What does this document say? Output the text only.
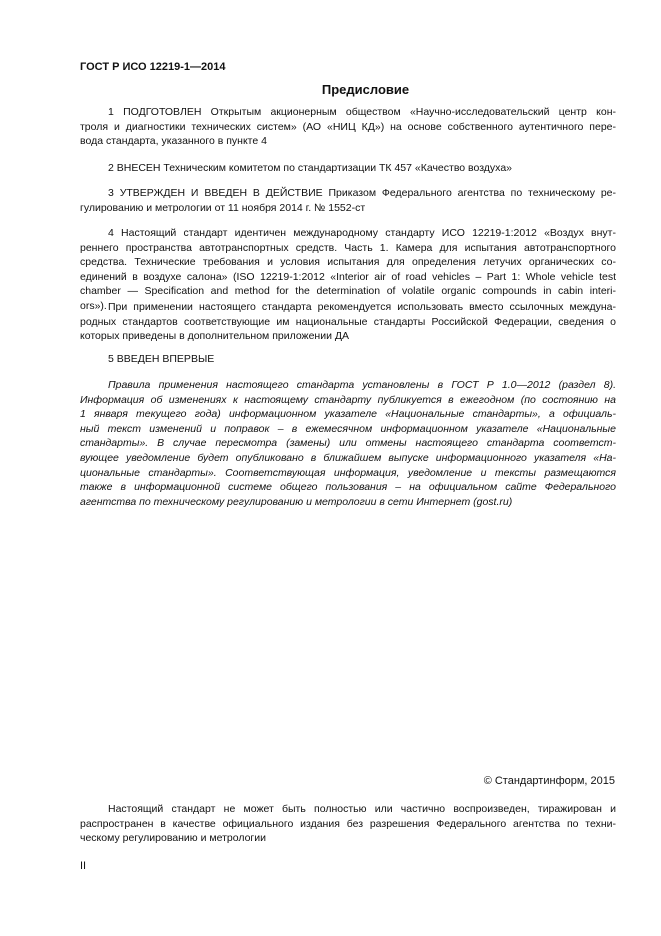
ГОСТ Р ИСО 12219-1—2014
Предисловие
1 ПОДГОТОВЛЕН Открытым акционерным обществом «Научно-исследовательский центр кон-
троля и диагностики технических систем» (АО «НИЦ КД») на основе собственного аутентичного пере-
вода стандарта, указанного в пункте 4
2 ВНЕСЕН Техническим комитетом по стандартизации ТК 457 «Качество воздуха»
3 УТВЕРЖДЕН И ВВЕДЕН В ДЕЙСТВИЕ Приказом Федерального агентства по техническому ре-
гулированию и метрологии от 11 ноября 2014 г. № 1552-ст
4 Настоящий стандарт идентичен международному стандарту ИСО 12219-1:2012 «Воздух внут-
реннего пространства автотранспортных средств. Часть 1. Камера для испытания автотранспортного
средства. Технические требования и условия испытания для определения летучих органических со-
единений в воздухе салона» (ISO 12219-1:2012 «Interior air of road vehicles – Part 1: Whole vehicle test
chamber — Specification and method for the determination of volatile organic compounds in cabin interi-
ors»). При применении настоящего стандарта рекомендуется использовать вместо ссылочных междуна-
родных стандартов соответствующие им национальные стандарты Российской Федерации, сведения о
которых приведены в дополнительном приложении ДА
5 ВВЕДЕН ВПЕРВЫЕ
Правила применения настоящего стандарта установлены в ГОСТ Р 1.0—2012 (раздел 8).
Информация об изменениях к настоящему стандарту публикуется в ежегодном (по состоянию на
1 января текущего года) информационном указателе «Национальные стандарты», а официаль-
ный текст изменений и поправок – в ежемесячном информационном указателе «Национальные
стандарты». В случае пересмотра (замены) или отмены настоящего стандарта соответст-
вующее уведомление будет опубликовано в ближайшем выпуске информационного указателя «На-
циональные стандарты». Соответствующая информация, уведомление и тексты размещаются
также в информационной системе общего пользования – на официальном сайте Федерального
агентства по техническому регулированию и метрологии в сети Интернет (gost.ru)
© Стандартинформ, 2015
Настоящий стандарт не может быть полностью или частично воспроизведен, тиражирован и
распространен в качестве официального издания без разрешения Федерального агентства по техни-
ческому регулированию и метрологии
II
